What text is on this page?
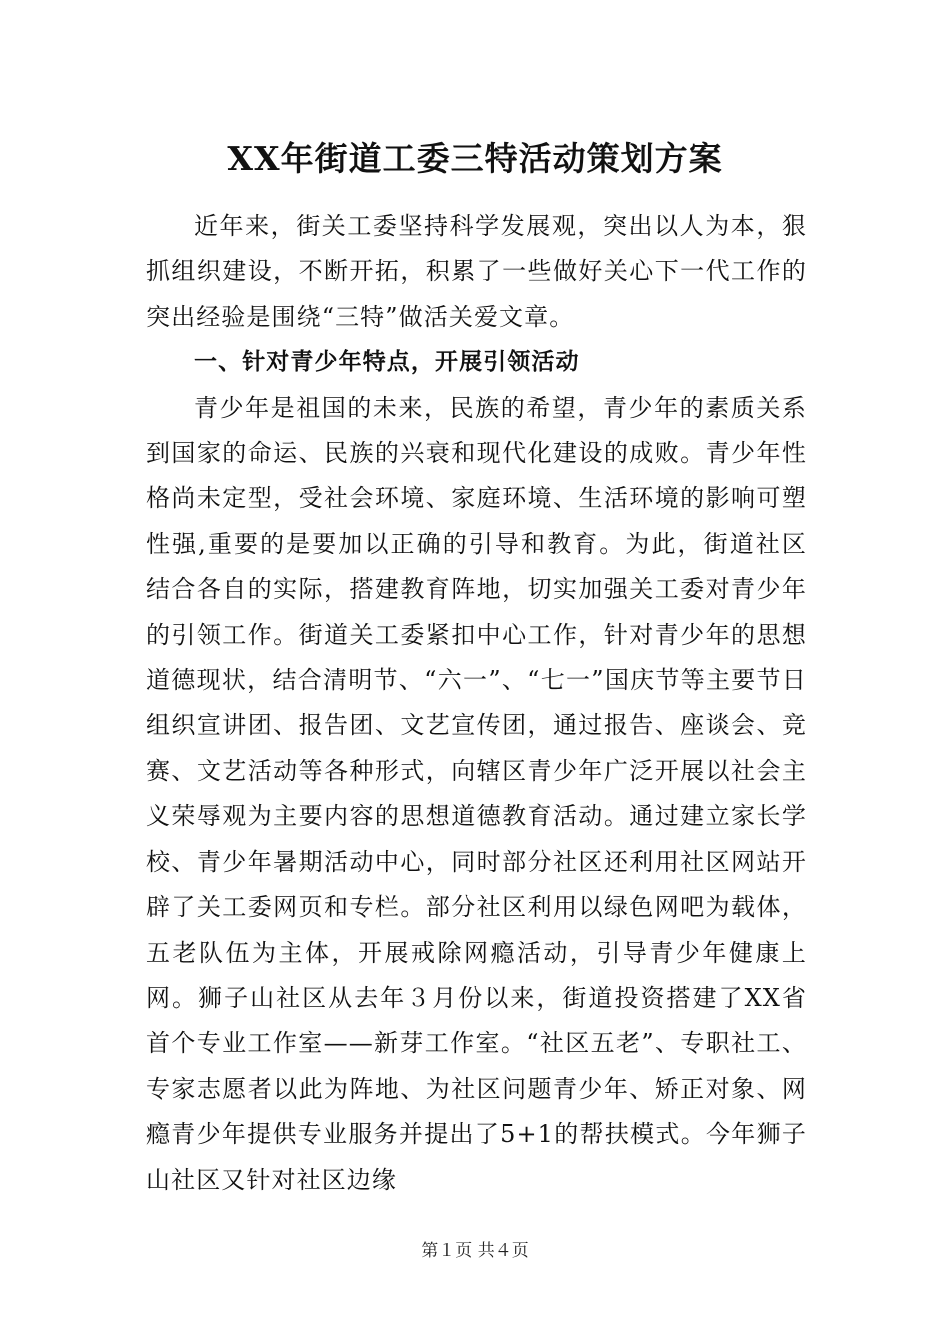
XX年街道工委三特活动策划方案

近年来，街关工委坚持科学发展观，突出以人为本，狠抓组织建设，不断开拓，积累了一些做好关心下一代工作的突出经验是围绕“三特”做活关爱文章。

一、针对青少年特点，开展引领活动

青少年是祖国的未来，民族的希望，青少年的素质关系到国家的命运、民族的兴衰和现代化建设的成败。青少年性格尚未定型，受社会环境、家庭环境、生活环境的影响可塑性强,重要的是要加以正确的引导和教育。为此，街道社区结合各自的实际，搭建教育阵地，切实加强关工委对青少年的引领工作。街道关工委紧扣中心工作，针对青少年的思想道德现状，结合清明节、“六一”、“七一”国庆节等主要节日组织宣讲团、报告团、文艺宣传团，通过报告、座谈会、竞赛、文艺活动等各种形式，向辖区青少年广泛开展以社会主义荣辱观为主要内容的思想道德教育活动。通过建立家长学校、青少年暑期活动中心，同时部分社区还利用社区网站开辟了关工委网页和专栏。部分社区利用以绿色网吧为载体，五老队伍为主体，开展戒除网瘾活动，引导青少年健康上网。狮子山社区从去年３月份以来，街道投资搭建了XX省首个专业工作室——新芽工作室。“社区五老”、专职社工、专家志愿者以此为阵地、为社区问题青少年、矫正对象、网瘾青少年提供专业服务并提出了5+1的帮扶模式。今年狮子山社区又针对社区边缘

第１页 共４页
